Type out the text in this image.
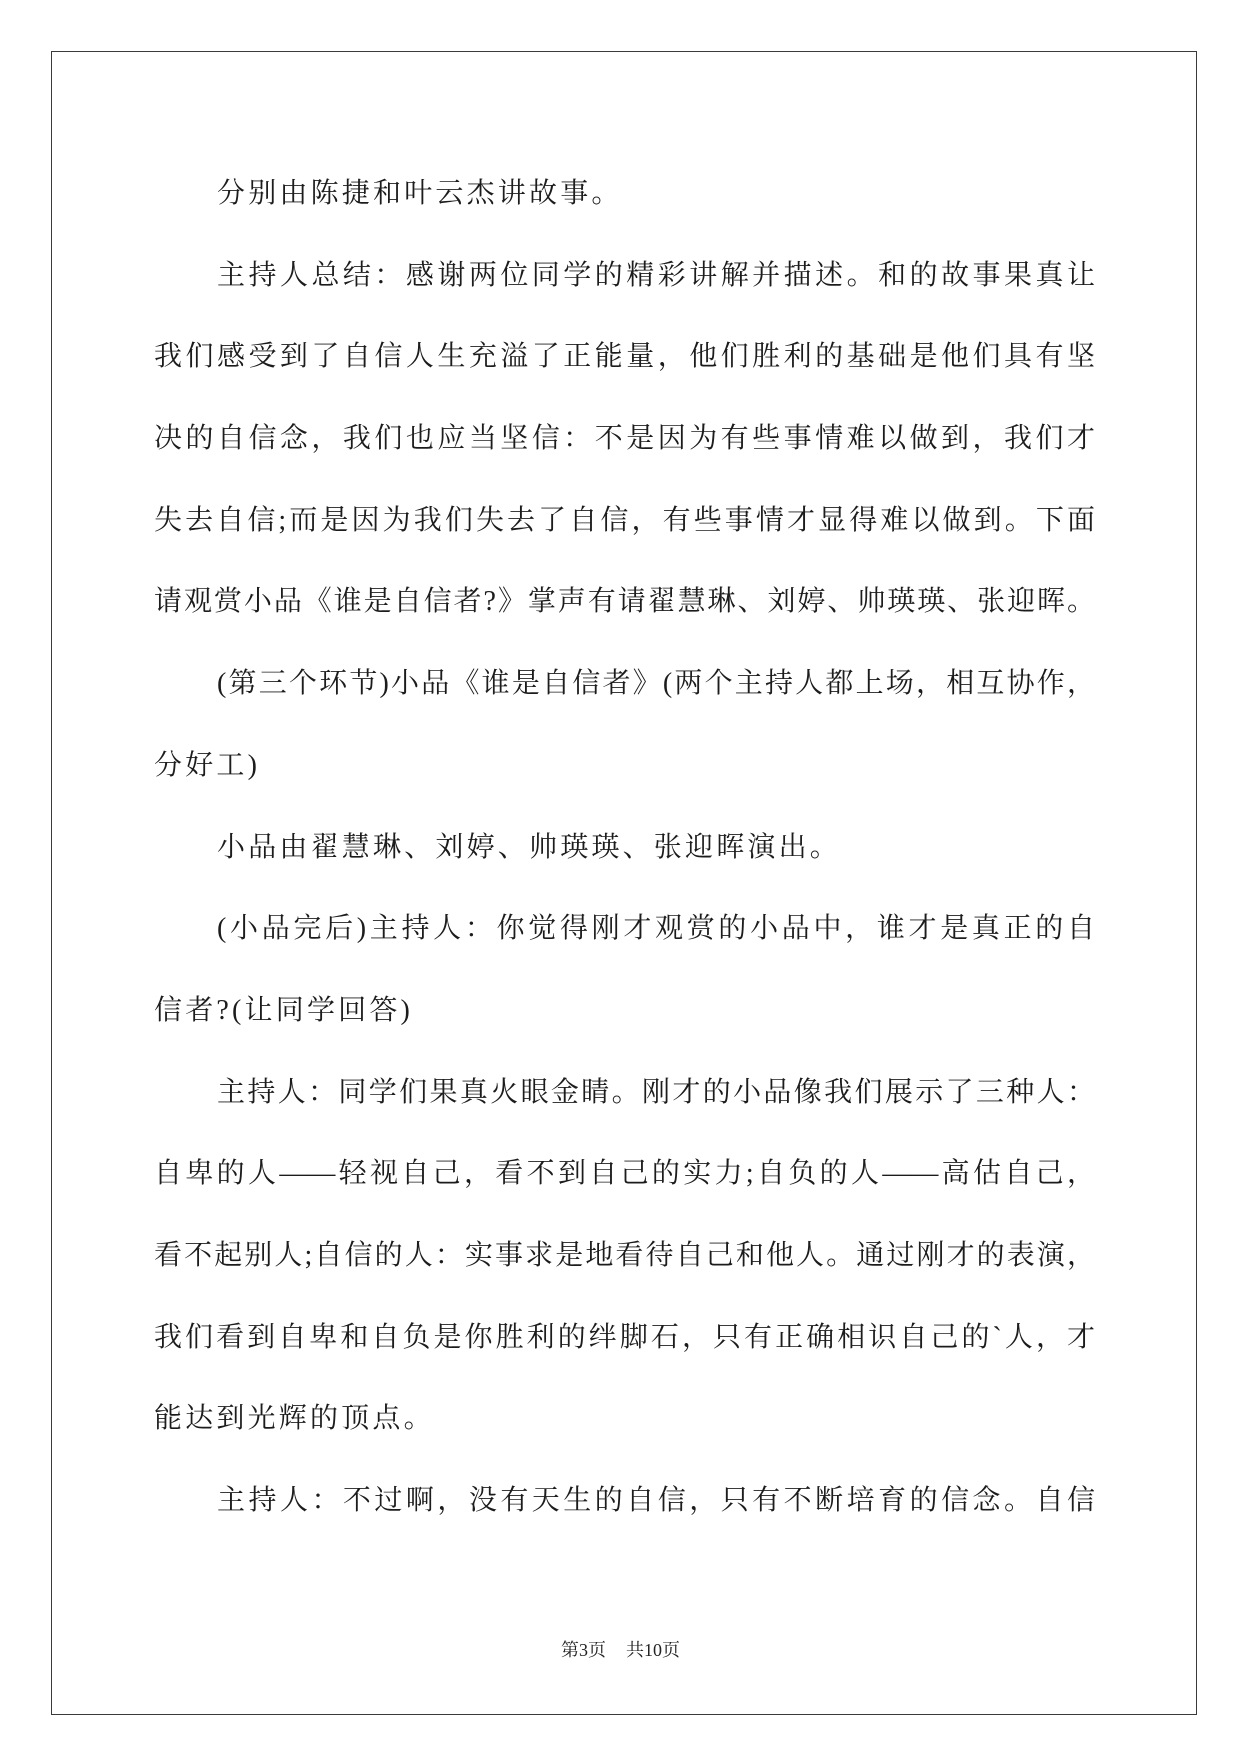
分别由陈捷和叶云杰讲故事。
主持人总结：感谢两位同学的精彩讲解并描述。和的故事果真让
我们感受到了自信人生充溢了正能量，他们胜利的基础是他们具有坚
决的自信念，我们也应当坚信：不是因为有些事情难以做到，我们才
失去自信;而是因为我们失去了自信，有些事情才显得难以做到。下面
请观赏小品《谁是自信者?》掌声有请翟慧琳、刘婷、帅瑛瑛、张迎晖。
(第三个环节)小品《谁是自信者》(两个主持人都上场，相互协作，
分好工)
小品由翟慧琳、刘婷、帅瑛瑛、张迎晖演出。
(小品完后)主持人：你觉得刚才观赏的小品中，谁才是真正的自
信者?(让同学回答)
主持人：同学们果真火眼金睛。刚才的小品像我们展示了三种人：
自卑的人——轻视自己，看不到自己的实力;自负的人——高估自己，
看不起别人;自信的人：实事求是地看待自己和他人。通过刚才的表演，
我们看到自卑和自负是你胜利的绊脚石，只有正确相识自己的`人，才
能达到光辉的顶点。
主持人：不过啊，没有天生的自信，只有不断培育的信念。自信
第3页 共10页
